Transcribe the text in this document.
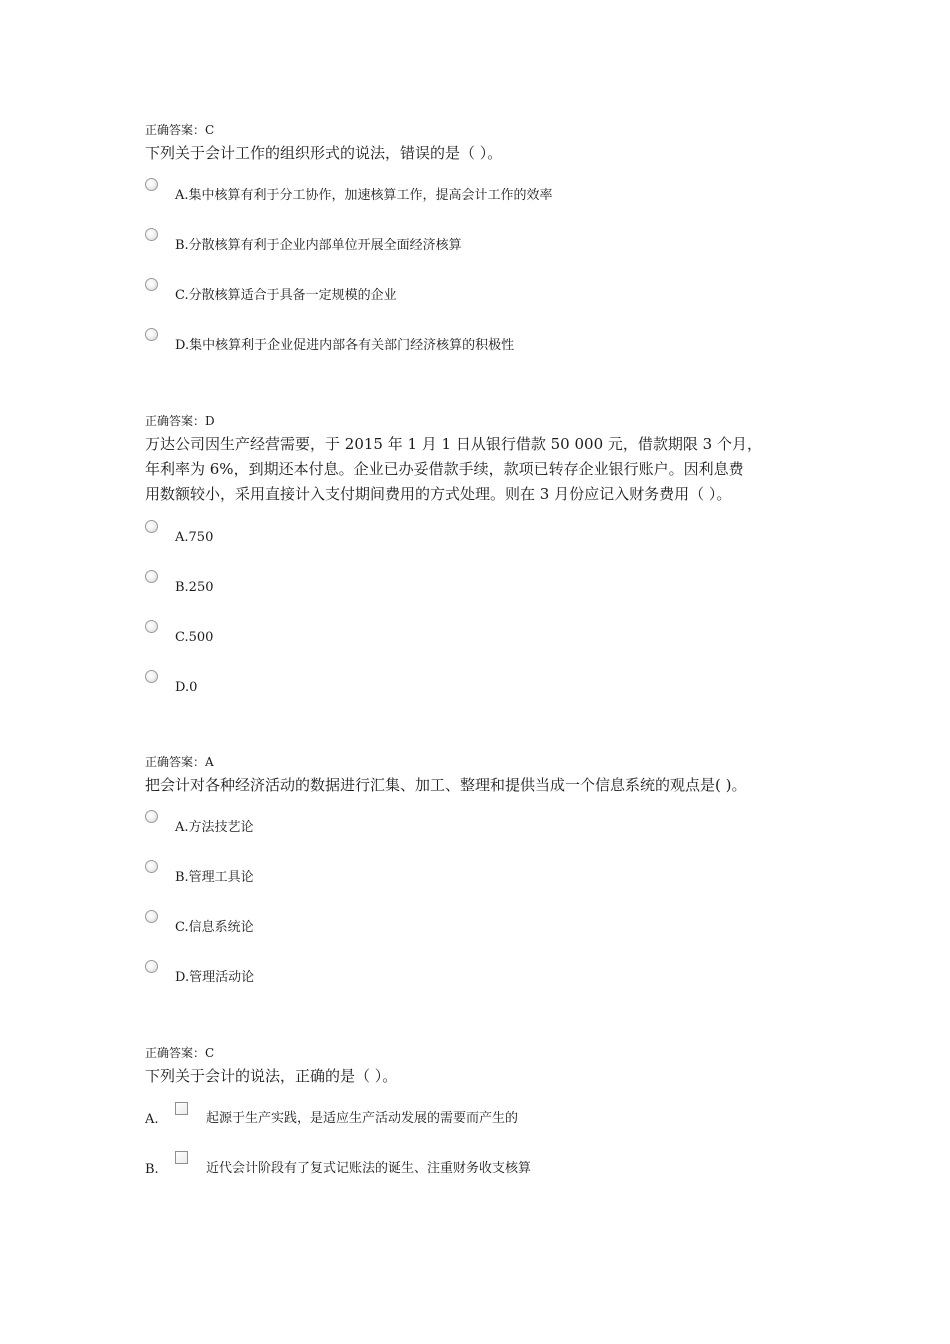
正确答案：C
下列关于会计工作的组织形式的说法，错误的是（ ）。
A.集中核算有利于分工协作，加速核算工作，提高会计工作的效率
B.分散核算有利于企业内部单位开展全面经济核算
C.分散核算适合于具备一定规模的企业
D.集中核算利于企业促进内部各有关部门经济核算的积极性
正确答案：D
万达公司因生产经营需要，于 2015 年 1 月 1 日从银行借款 50 000 元，借款期限 3 个月，
年利率为 6%，到期还本付息。企业已办妥借款手续，款项已转存企业银行账户。因利息费
用数额较小，采用直接计入支付期间费用的方式处理。则在 3 月份应记入财务费用（ ）。
A.750
B.250
C.500
D.0
正确答案：A
把会计对各种经济活动的数据进行汇集、加工、整理和提供当成一个信息系统的观点是( )。
A.方法技艺论
B.管理工具论
C.信息系统论
D.管理活动论
正确答案：C
下列关于会计的说法，正确的是（ ）。
A.	起源于生产实践，是适应生产活动发展的需要而产生的
B.	近代会计阶段有了复式记账法的诞生、注重财务收支核算
